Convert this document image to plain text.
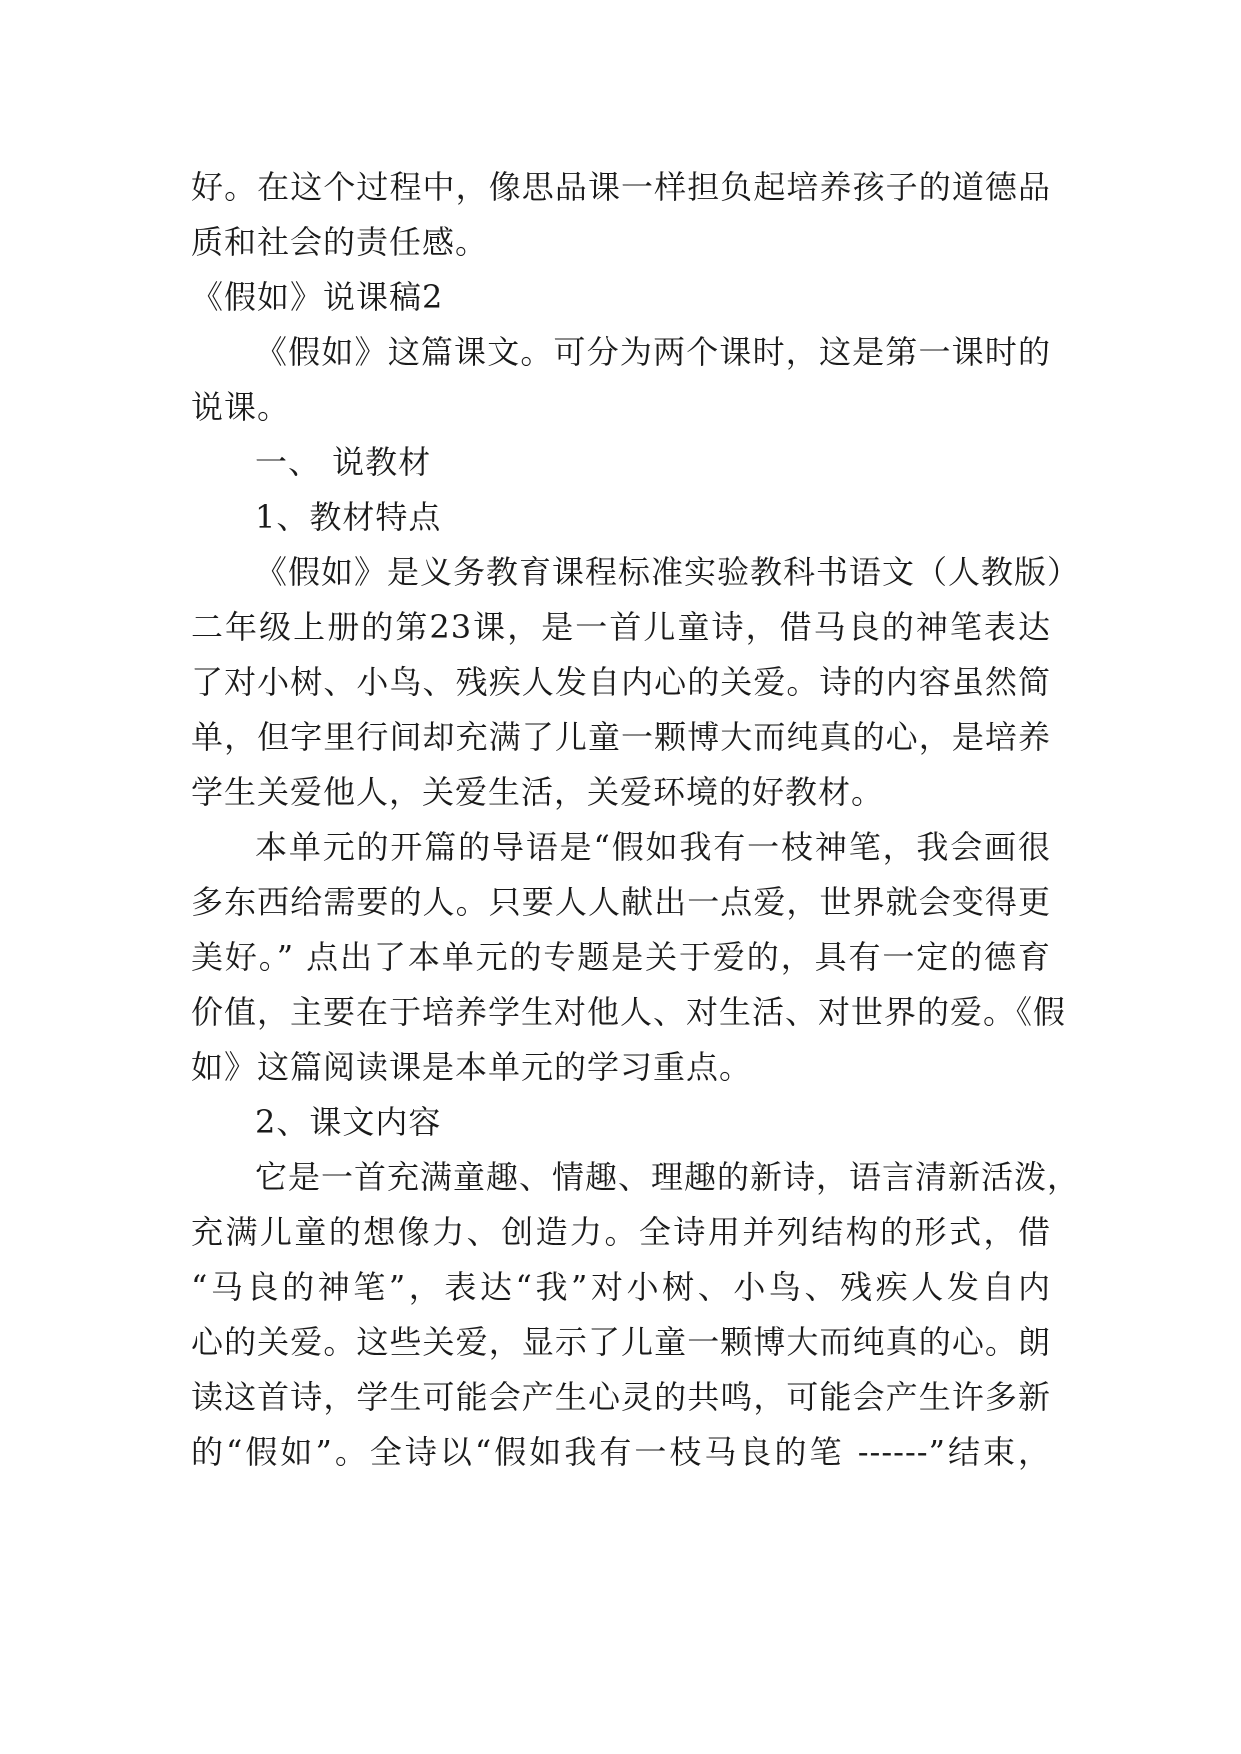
好。在这个过程中，像思品课一样担负起培养孩子的道德品
质和社会的责任感。
《假如》说课稿2
《假如》这篇课文。可分为两个课时，这是第一课时的
说课。
一、 说教材
1、教材特点
《假如》是义务教育课程标准实验教科书语文（人教版）
二年级上册的第23课，是一首儿童诗，借马良的神笔表达
了对小树、小鸟、残疾人发自内心的关爱。诗的内容虽然简
单，但字里行间却充满了儿童一颗博大而纯真的心，是培养
学生关爱他人，关爱生活，关爱环境的好教材。
本单元的开篇的导语是“假如我有一枝神笔，我会画很
多东西给需要的人。只要人人献出一点爱，世界就会变得更
美好。” 点出了本单元的专题是关于爱的，具有一定的德育
价值，主要在于培养学生对他人、对生活、对世界的爱。《假
如》这篇阅读课是本单元的学习重点。
2、课文内容
它是一首充满童趣、情趣、理趣的新诗，语言清新活泼，
充满儿童的想像力、创造力。全诗用并列结构的形式，借
“马良的神笔”，表达“我”对小树、小鸟、残疾人发自内
心的关爱。这些关爱，显示了儿童一颗博大而纯真的心。朗
读这首诗，学生可能会产生心灵的共鸣，可能会产生许多新
的“假如”。全诗以“假如我有一枝马良的笔 ------”结束，
